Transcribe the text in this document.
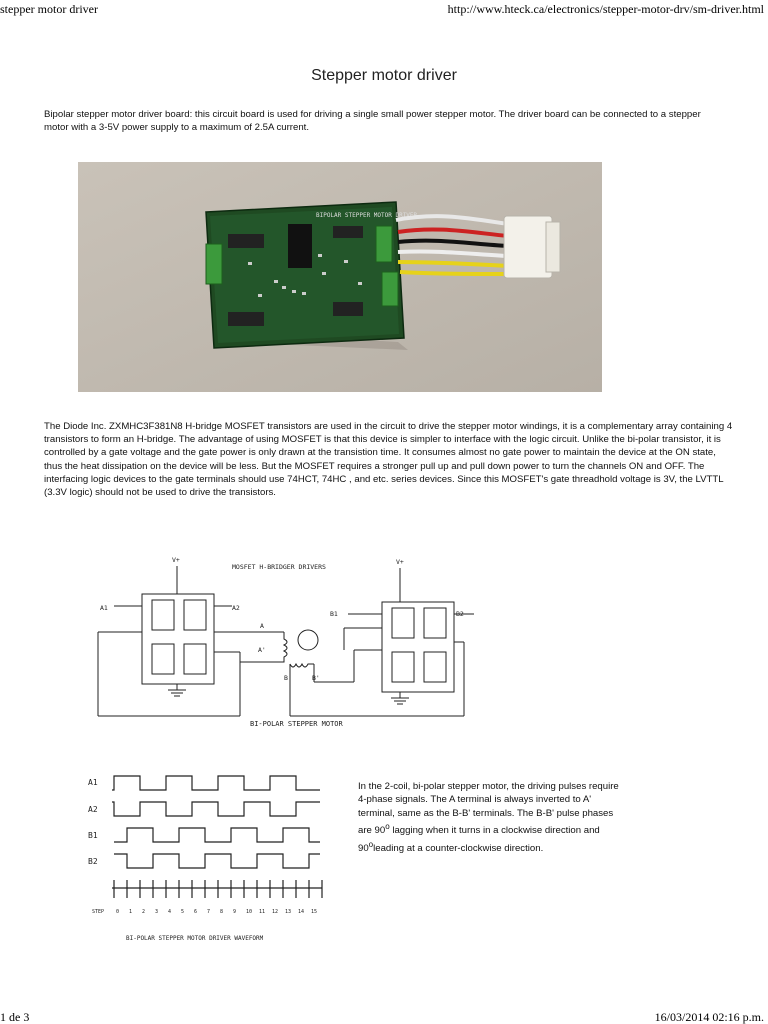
stepper motor driver	http://www.hteck.ca/electronics/stepper-motor-drv/sm-driver.html
Stepper motor driver

Bipolar stepper motor driver board: this circuit board is used for driving a single small power stepper motor. The driver board can be connected to a stepper motor with a 3-5V power supply to a maximum of 2.5A current.

BIPOLAR STEPPER MOTOR DRIVER

The Diode Inc. ZXMHC3F381N8 H-bridge MOSFET transistors are used in the circuit to drive the stepper motor windings, it is a complementary array containing 4 transistors to form an H-bridge. The advantage of using MOSFET is that this device is simpler to interface with the logic circuit. Unlike the bi-polar transistor, it is controlled by a gate voltage and the gate power is only drawn at the transistion time. It consumes almost no gate power to maintain the device at the ON state, thus the heat dissipation on the device will be less. But the MOSFET requires a stronger pull up and pull down power to turn the channels ON and OFF. The interfacing logic devices to the gate terminals should use 74HCT, 74HC , and etc. series devices. Since this MOSFET's gate threadhold voltage is 3V, the LVTTL (3.3V logic) should not be used to drive the transistors.

MOSFET H-BRIDGER DRIVERS
V+	V+
A1	A2
B1	B2
A
A'
B	B'
BI-POLAR STEPPER MOTOR
A1
A2
B1
B2
STEP 0 1 2 3 4 5 6 7 8 9 10 11 12 13 14 15
BI-POLAR STEPPER MOTOR DRIVER WAVEFORM

In the 2-coil, bi-polar stepper motor, the driving pulses require 4-phase signals. The A terminal is always inverted to A' terminal, same as the B-B' terminals. The B-B' pulse phases are 90$^o$ lagging when it turns in a clockwise direction and 90$^o$leading at a counter-clockwise direction.

1 de 3	16/03/2014 02:16 p.m.
